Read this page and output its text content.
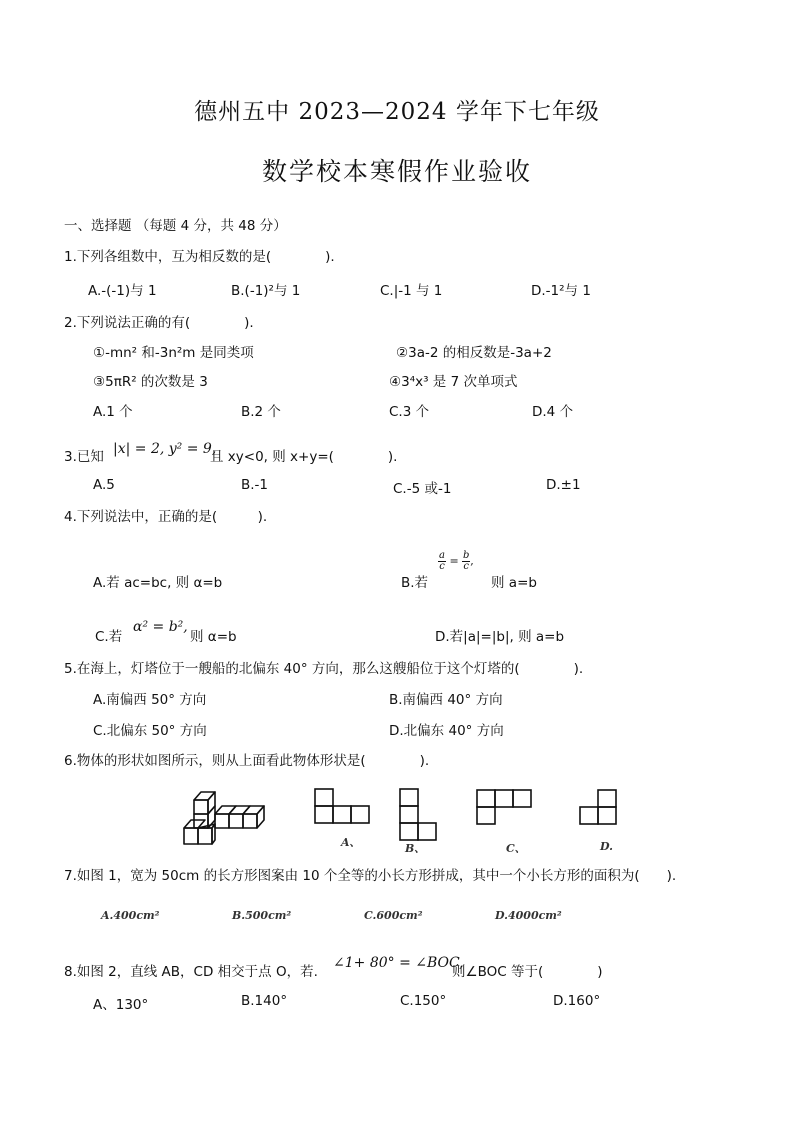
德州五中 2023—2024 学年下七年级
数学校本寒假作业验收
一、选择题 （每题 4 分，共 48 分）
1.下列各组数中，互为相反数的是(　　　　).
A.-(-1)与 1	B.(-1)²与 1	C.|-1 与 1	D.-1²与 1
2.下列说法正确的有(　　　　).
①-mn² 和-3n²m 是同类项	②3a-2 的相反数是-3a+2
③5πR² 的次数是 3	④3⁴x³ 是 7 次单项式
A.1 个	B.2 个	C.3 个	D.4 个
3.已知 |x| = 2, y² = 9,
且 xy<0, 则 x+y=(　　　　).
A.5	B.-1	C.-5 或-1	D.±1
4.下列说法中，正确的是(　　　).
A.若 ac=bc, 则 α=b	B.若
$\frac{a}{c} = \frac{b}{c}$ ,
则 a=b
C.若
α² = b²,
则 α=b	D.若|a|=|b|, 则 a=b
5.在海上，灯塔位于一艘船的北偏东 40° 方向，那么这艘船位于这个灯塔的(　　　　).
A.南偏西 50° 方向	B.南偏西 40° 方向
C.北偏东 50° 方向	D.北偏东 40° 方向
6.物体的形状如图所示，则从上面看此物体形状是(　　　　).
A、	B、	C、	D.
7.如图 1，宽为 50cm 的长方形图案由 10 个全等的小长方形拼成，其中一个小长方形的面积为(　　).
A.400cm²	B.500cm²	C.600cm²	D.4000cm²
8.如图 2，直线 AB，CD 相交于点 O，若.
∠1+ 80° = ∠BOC,
则∠BOC 等于(　　　　)
A、130°	B.140°	C.150°	D.160°
